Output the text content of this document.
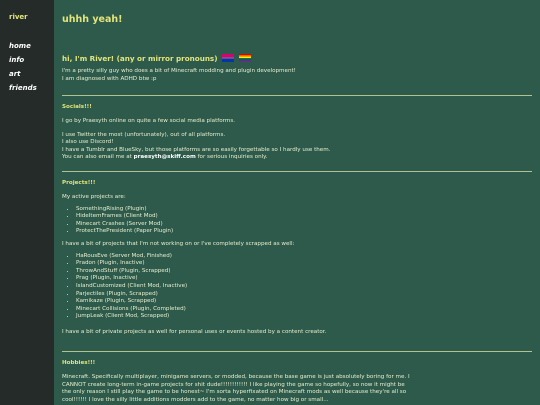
river
home
info
art
friends
uhhh yeah!
hi, I'm River! (any or mirror pronouns)

I'm a pretty silly guy who does a bit of Minecraft modding and plugin development!

I am diagnosed with ADHD btw :p

Socials!!!

I go by Praesyth online on quite a few social media platforms.

I use Twitter the most (unfortunately), out of all platforms.

I also use Discord!

I have a Tumblr and BlueSky, but those platforms are so easily forgettable so I hardly use them.

You can also email me at praesyth@skiff.com for serious inquiries only.

Projects!!!

My active projects are:

• SomethingRising (Plugin)
• HideItemFrames (Client Mod)
• Minecart Crashes (Server Mod)
• ProtectThePresident (Paper Plugin)

I have a bit of projects that I'm not working on or I've completely scrapped as well:

• HaRousEve (Server Mod, Finished)
• Pradon (Plugin, Inactive)
• ThrowAndStuff (Plugin, Scrapped)
• Prag (Plugin, Inactive)
• IslandCustomized (Client Mod, Inactive)
• Parjectiles (Plugin, Scrapped)
• Kamikaze (Plugin, Scrapped)
• Minecart Collisions (Plugin, Completed)
• JumpLeak (Client Mod, Scrapped)

I have a bit of private projects as well for personal uses or events hosted by a content creator.

Hobbies!!!

Minecraft. Specifically multiplayer, minigame servers, or modded, because the base game is just absolutely boring for me. I

CANNOT create long-term in-game projects for shit dude!!!!!!!!!!!! I like playing the game so hopefully, so now it might be

the only reason I still play the game to be honest~ I'm sorta hyperfixated on Minecraft mods as well because they're all so

cool!!!!!! I love the silly little additions modders add to the game, no matter how big or small...
